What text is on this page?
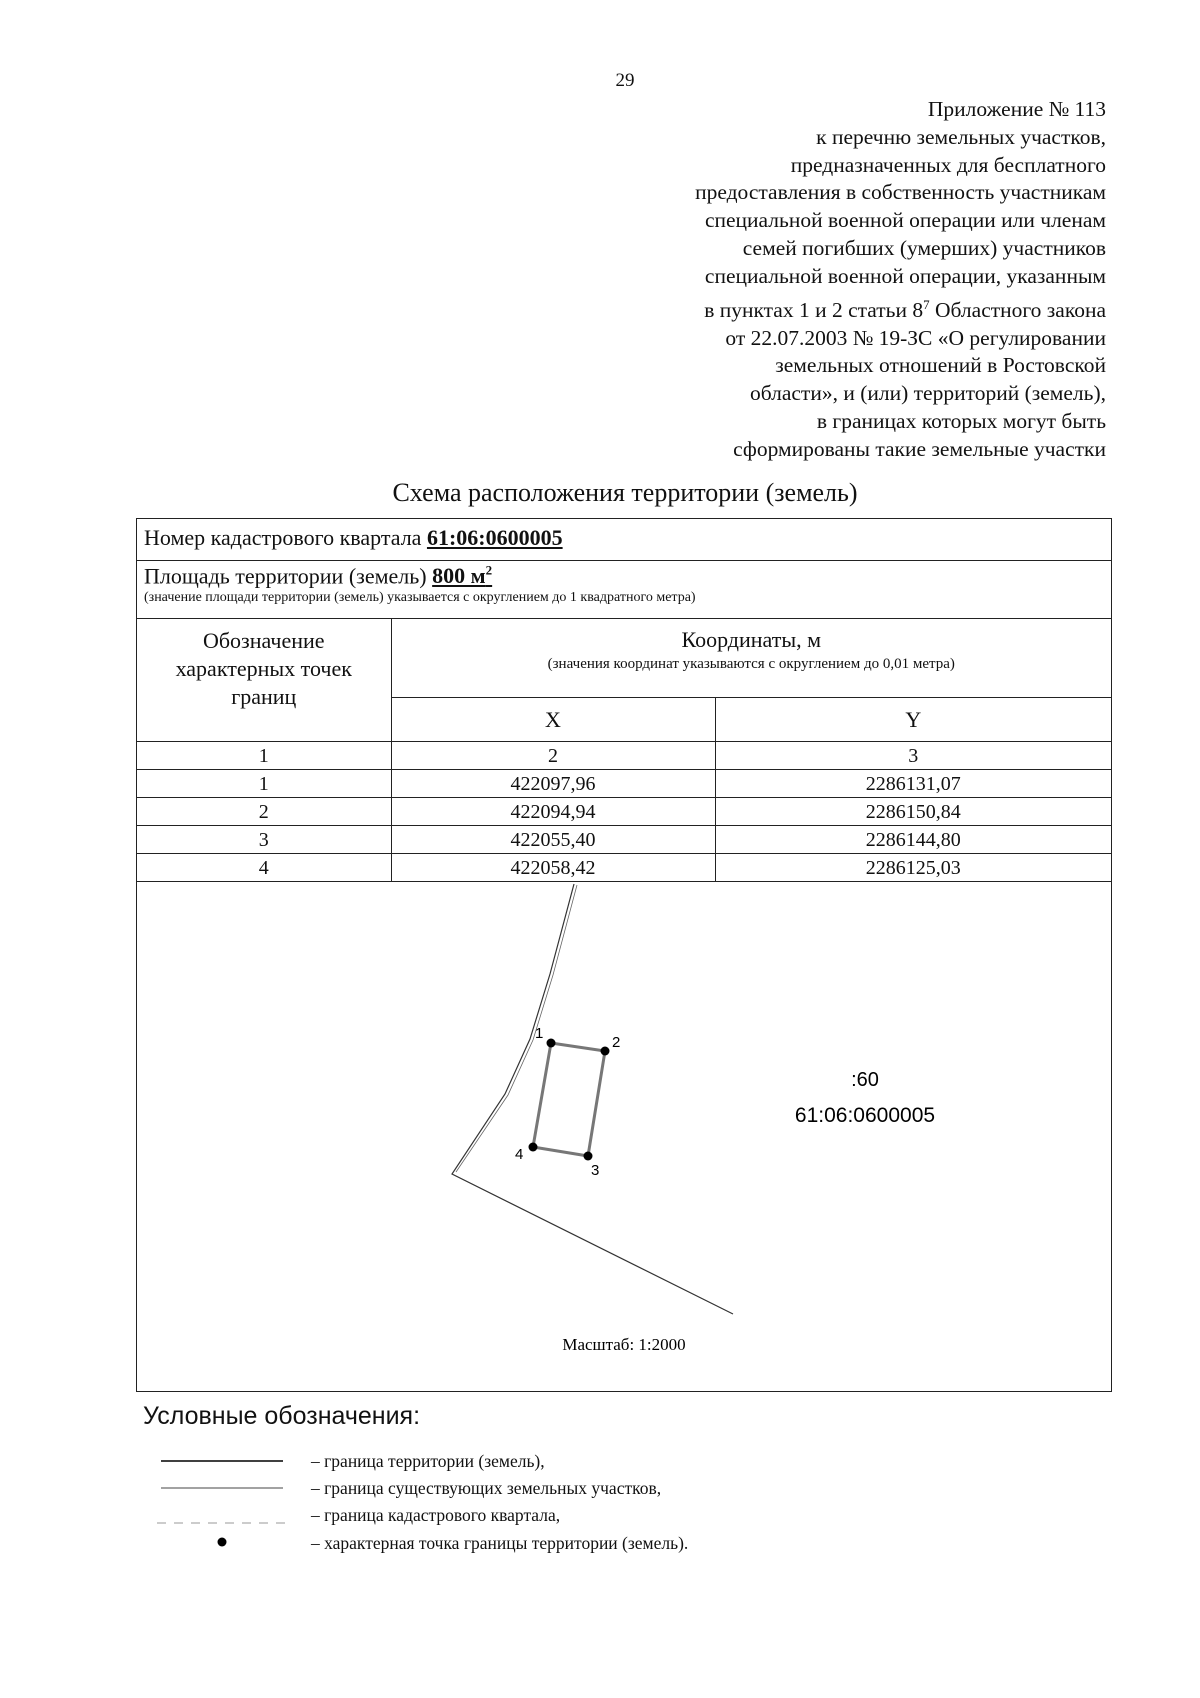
29
Приложение № 113
к перечню земельных участков,
предназначенных для бесплатного
предоставления в собственность участникам
специальной военной операции или членам
семей погибших (умерших) участников
специальной военной операции, указанным
в пунктах 1 и 2 статьи $8^7$ Областного закона
от 22.07.2003 № 19-ЗС «О регулировании
земельных отношений в Ростовской
области», и (или) территорий (земель),
в границах которых могут быть
сформированы такие земельные участки
Схема расположения территории (земель)
Номер кадастрового квартала 61:06:0600005
Площадь территории (земель) 800 $м^2$
(значение площади территории (земель) указывается с округлением до 1 квадратного метра)
Обозначение
характерных точек
границ	Координаты, м
(значения координат указываются с округлением до 0,01 метра)	

	X	Y
1	2	3
1	422097,96	2286131,07
2	422094,94	2286150,84
3	422055,40	2286144,80
4	422058,42	2286125,03
1
2
3
4
:60
61:06:0600005
Масштаб: 1:2000
Условные обозначения:
– граница территории (земель),
– граница существующих земельных участков,
– граница кадастрового квартала,
– характерная точка границы территории (земель).
